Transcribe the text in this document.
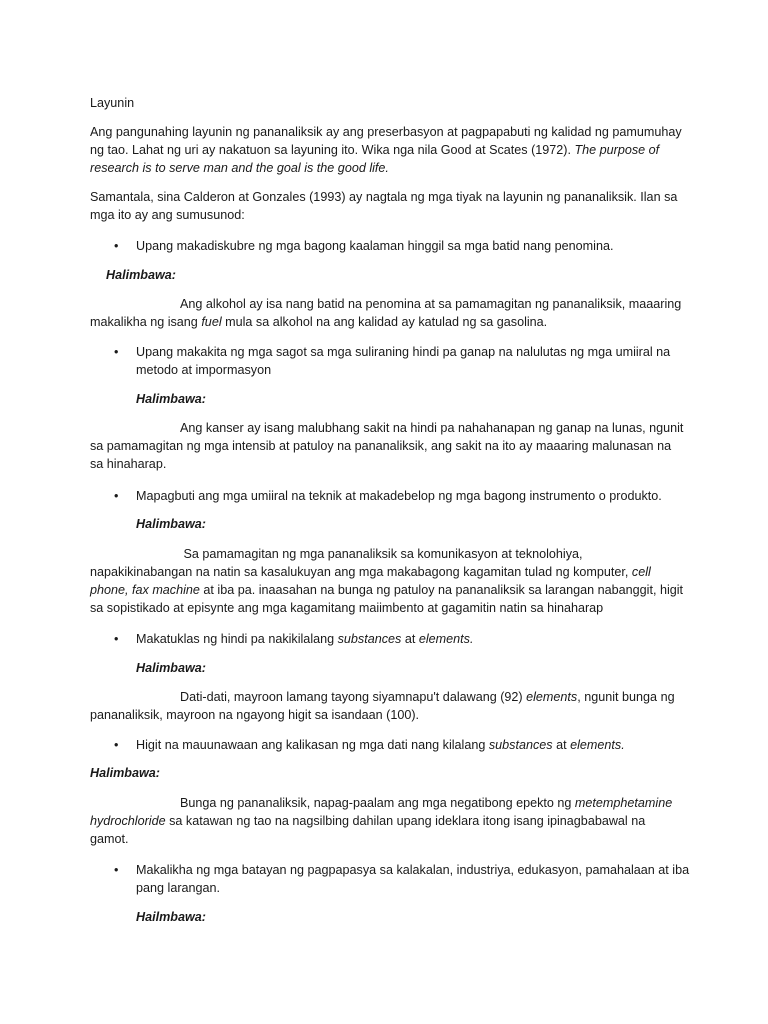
Layunin

Ang pangunahing layunin ng pananaliksik ay ang preserbasyon at pagpapabuti ng kalidad ng pamumuhay ng tao. Lahat ng uri ay nakatuon sa layuning ito. Wika nga nila Good at Scates (1972). The purpose of research is to serve man and the goal is the good life.

Samantala, sina Calderon at Gonzales (1993) ay nagtala ng mga tiyak na layunin ng pananaliksik. Ilan sa mga ito ay ang sumusunod:

• Upang makadiskubre ng mga bagong kaalaman hinggil sa mga batid nang penomina.

Halimbawa:

Ang alkohol ay isa nang batid na penomina at sa pamamagitan ng pananaliksik, maaaring makalikha ng isang fuel mula sa alkohol na ang kalidad ay katulad ng sa gasolina.

• Upang makakita ng mga sagot sa mga suliraning hindi pa ganap na nalulutas ng mga umiiral na metodo at impormasyon

Halimbawa:

Ang kanser ay isang malubhang sakit na hindi pa nahahanapan ng ganap na lunas, ngunit sa pamamagitan ng mga intensib at patuloy na pananaliksik, ang sakit na ito ay maaaring malunasan na sa hinaharap.

• Mapagbuti ang mga umiiral na teknik at makadebelop ng mga bagong instrumento o produkto.

Halimbawa:

Sa pamamagitan ng mga pananaliksik sa komunikasyon at teknolohiya, napakikinabangan na natin sa kasalukuyan ang mga makabagong kagamitan tulad ng komputer, cell phone, fax machine at iba pa. inaasahan na bunga ng patuloy na pananaliksik sa larangan nabanggit, higit sa sopistikado at episynte ang mga kagamitang maiimbento at gagamitin natin sa hinaharap

• Makatuklas ng hindi pa nakikilalang substances at elements.

Halimbawa:

Dati-dati, mayroon lamang tayong siyamnapu't dalawang (92) elements, ngunit bunga ng pananaliksik, mayroon na ngayong higit sa isandaan (100).

• Higit na mauunawaan ang kalikasan ng mga dati nang kilalang substances at elements.

Halimbawa:

Bunga ng pananaliksik, napag-paalam ang mga negatibong epekto ng metemphetamine hydrochloride sa katawan ng tao na nagsilbing dahilan upang ideklara itong isang ipinagbabawal na gamot.

• Makalikha ng mga batayan ng pagpapasya sa kalakalan, industriya, edukasyon, pamahalaan at iba pang larangan.

Hailmbawa:
